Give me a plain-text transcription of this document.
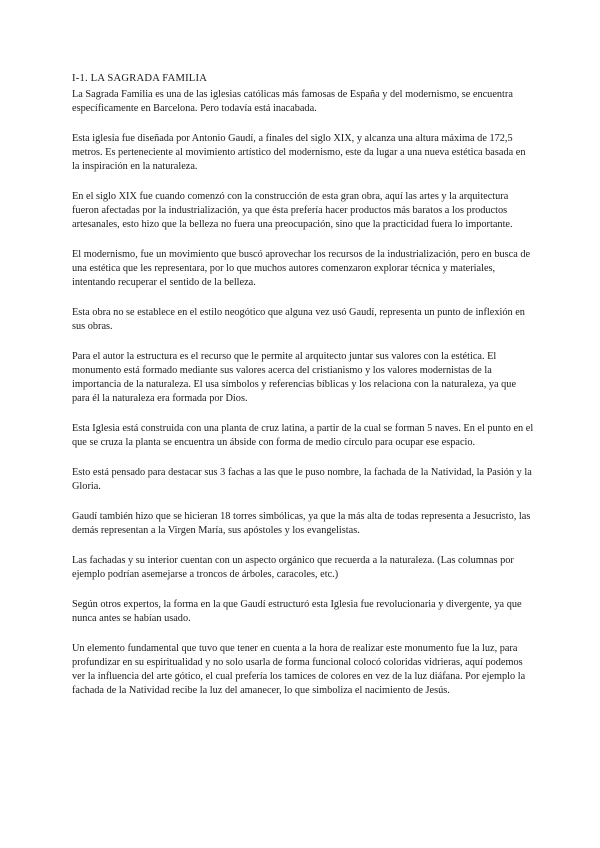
I-1. LA SAGRADA FAMILIA

La Sagrada Familia es una de las iglesias católicas más famosas de España y del modernismo, se encuentra específicamente en Barcelona. Pero todavía está inacabada.

Esta iglesia fue diseñada por Antonio Gaudí, a finales del siglo XIX, y alcanza una altura máxima de 172,5 metros. Es perteneciente al movimiento artístico del modernismo, este da lugar a una nueva estética basada en la inspiración en la naturaleza.

En el siglo XIX fue cuando comenzó con la construcción de esta gran obra, aquí las artes y la arquitectura fueron afectadas por la industrialización, ya que ésta prefería hacer productos más baratos a los productos artesanales, esto hizo que la belleza no fuera una preocupación, sino que la practicidad fuera lo importante.

El modernismo, fue un movimiento que buscó aprovechar los recursos de la industrialización, pero en busca de una estética que les representara, por lo que muchos autores comenzaron explorar técnica y materiales, intentando recuperar el sentido de la belleza.

Esta obra no se establece en el estilo neogótico que alguna vez usó Gaudí, representa un punto de inflexión en sus obras.

Para el autor la estructura es el recurso que le permite al arquitecto juntar sus valores con la estética. El monumento está formado mediante sus valores acerca del cristianismo y los valores modernistas de la importancia de la naturaleza. El usa símbolos y referencias bíblicas y los relaciona con la naturaleza, ya que para él la naturaleza era formada por Dios.

Esta Iglesia está construida con una planta de cruz latina, a partir de la cual se forman 5 naves. En el punto en el que se cruza la planta se encuentra un ábside con forma de medio círculo para ocupar ese espacio.

Esto está pensado para destacar sus 3 fachas a las que le puso nombre, la fachada de la Natividad, la Pasión y la Gloria.

Gaudí también hizo que se hicieran 18 torres simbólicas, ya que la más alta de todas representa a Jesucristo, las demás representan a la Virgen María, sus apóstoles y los evangelistas.

Las fachadas y su interior cuentan con un aspecto orgánico que recuerda a la naturaleza. (Las columnas por ejemplo podrían asemejarse a troncos de árboles, caracoles, etc.)

Según otros expertos, la forma en la que Gaudí estructuró esta Iglesia fue revolucionaria y divergente, ya que nunca antes se habían usado.

Un elemento fundamental que tuvo que tener en cuenta a la hora de realizar este monumento fue la luz, para profundizar en su espiritualidad y no solo usarla de forma funcional colocó coloridas vidrieras, aquí podemos ver la influencia del arte gótico, el cual prefería los tamices de colores en vez de la luz diáfana. Por ejemplo la fachada de la Natividad recibe la luz del amanecer, lo que simboliza el nacimiento de Jesús.
